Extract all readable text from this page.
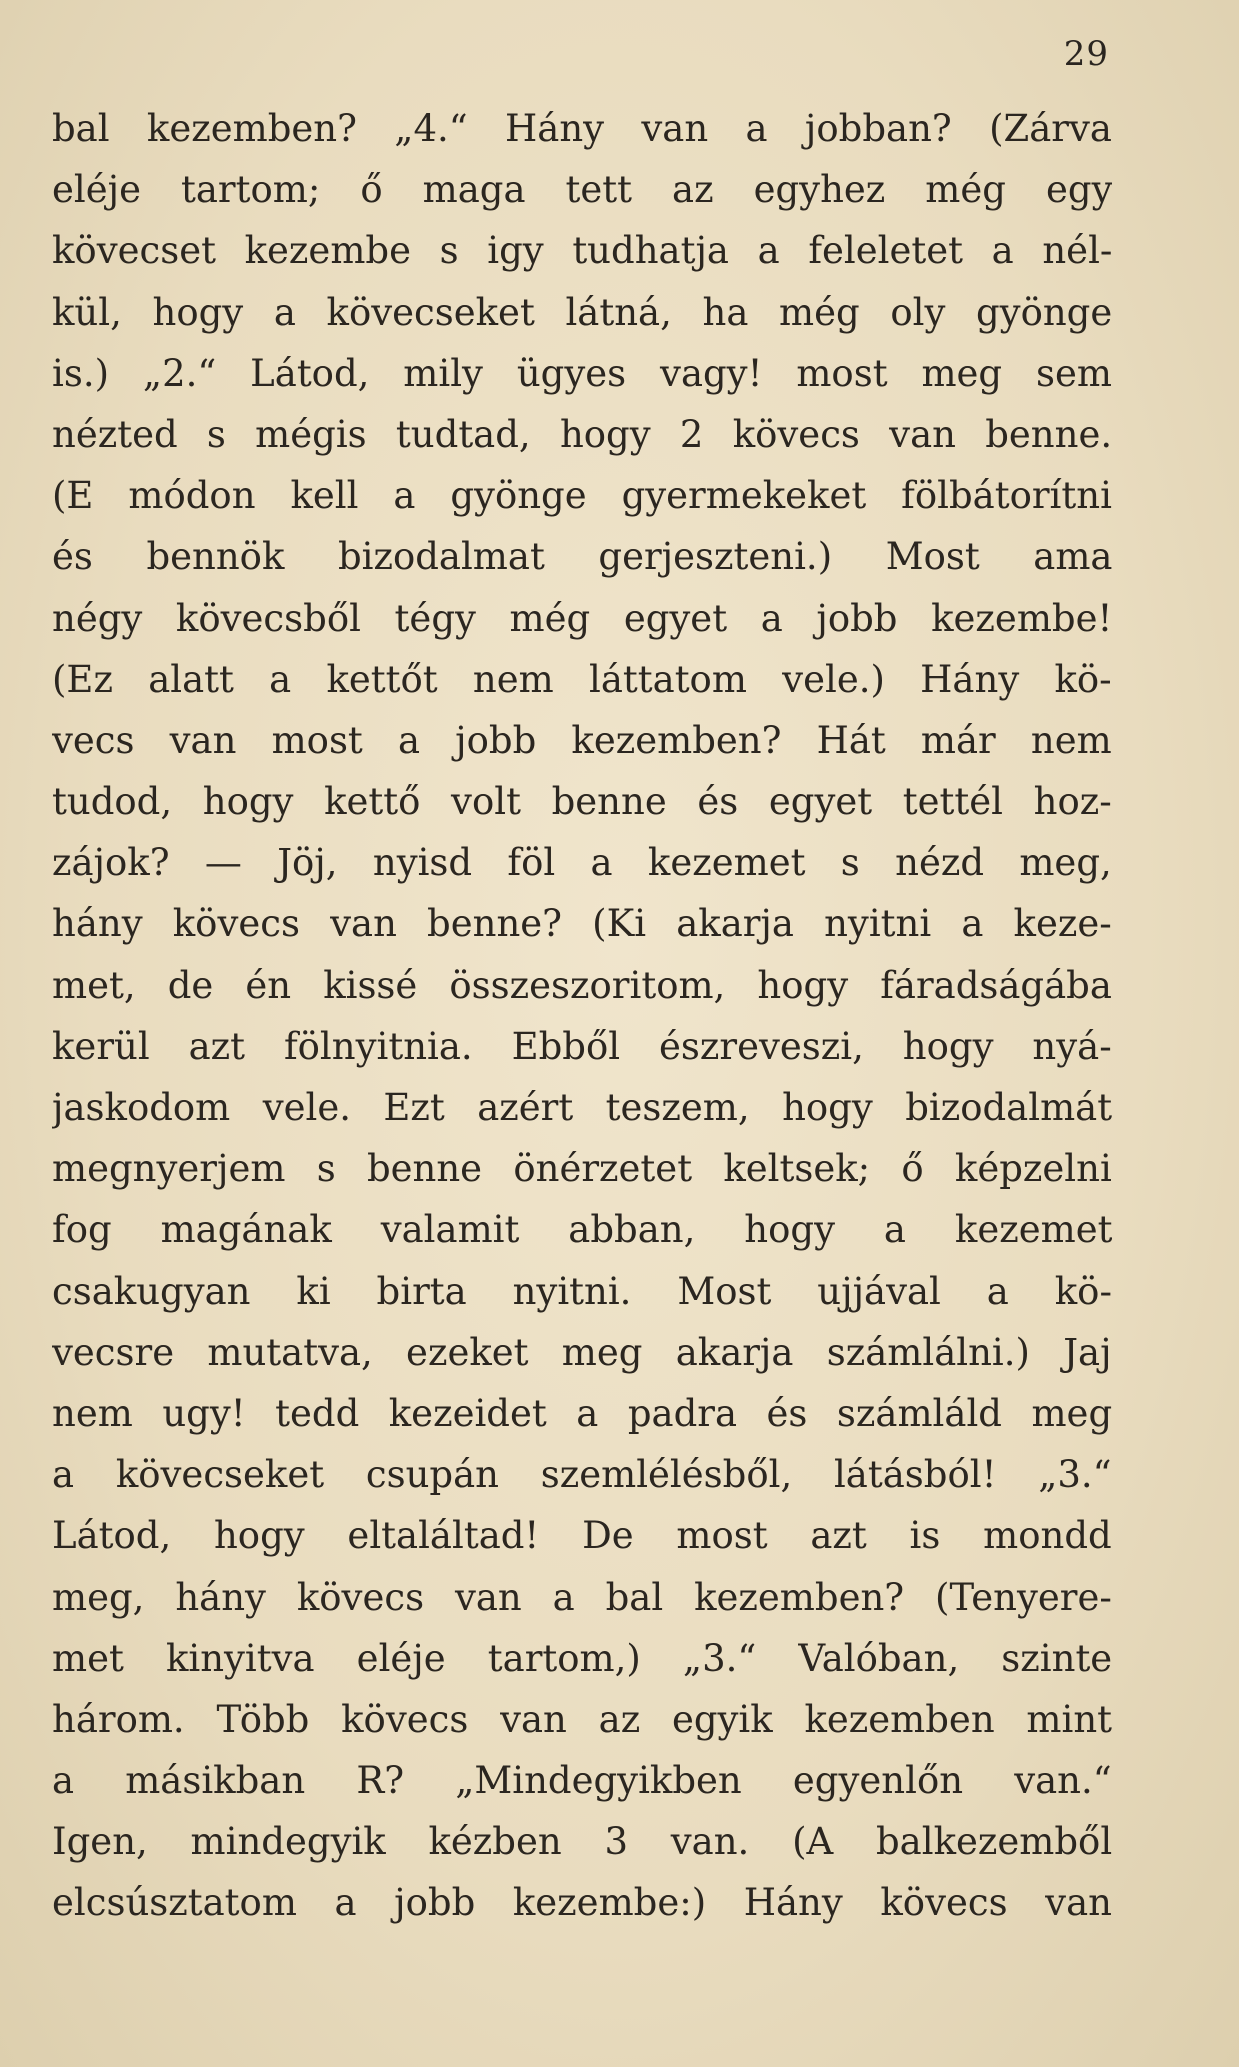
29
bal kezemben? „4.“ Hány van a jobban? (Zárva
eléje tartom; ő maga tett az egyhez még egy
kövecset kezembe s igy tudhatja a feleletet a nél-
kül, hogy a kövecseket látná, ha még oly gyönge
is.) „2.“ Látod, mily ügyes vagy! most meg sem
nézted s mégis tudtad, hogy 2 kövecs van benne.
(E módon kell a gyönge gyermekeket fölbátorítni
és bennök bizodalmat gerjeszteni.) Most ama
négy kövecsből tégy még egyet a jobb kezembe!
(Ez alatt a kettőt nem láttatom vele.) Hány kö-
vecs van most a jobb kezemben? Hát már nem
tudod, hogy kettő volt benne és egyet tettél hoz-
zájok? — Jöj, nyisd föl a kezemet s nézd meg,
hány kövecs van benne? (Ki akarja nyitni a keze-
met, de én kissé összeszoritom, hogy fáradságába
kerül azt fölnyitnia. Ebből észreveszi, hogy nyá-
jaskodom vele. Ezt azért teszem, hogy bizodalmát
megnyerjem s benne önérzetet keltsek; ő képzelni
fog magának valamit abban, hogy a kezemet
csakugyan ki birta nyitni. Most ujjával a kö-
vecsre mutatva, ezeket meg akarja számlálni.) Jaj
nem ugy! tedd kezeidet a padra és számláld meg
a kövecseket csupán szemlélésből, látásból! „3.“
Látod, hogy eltaláltad! De most azt is mondd
meg, hány kövecs van a bal kezemben? (Tenyere-
met kinyitva eléje tartom,) „3.“ Valóban, szinte
három. Több kövecs van az egyik kezemben mint
a másikban R? „Mindegyikben egyenlőn van.“
Igen, mindegyik kézben 3 van. (A balkezemből
elcsúsztatom a jobb kezembe:) Hány kövecs van
